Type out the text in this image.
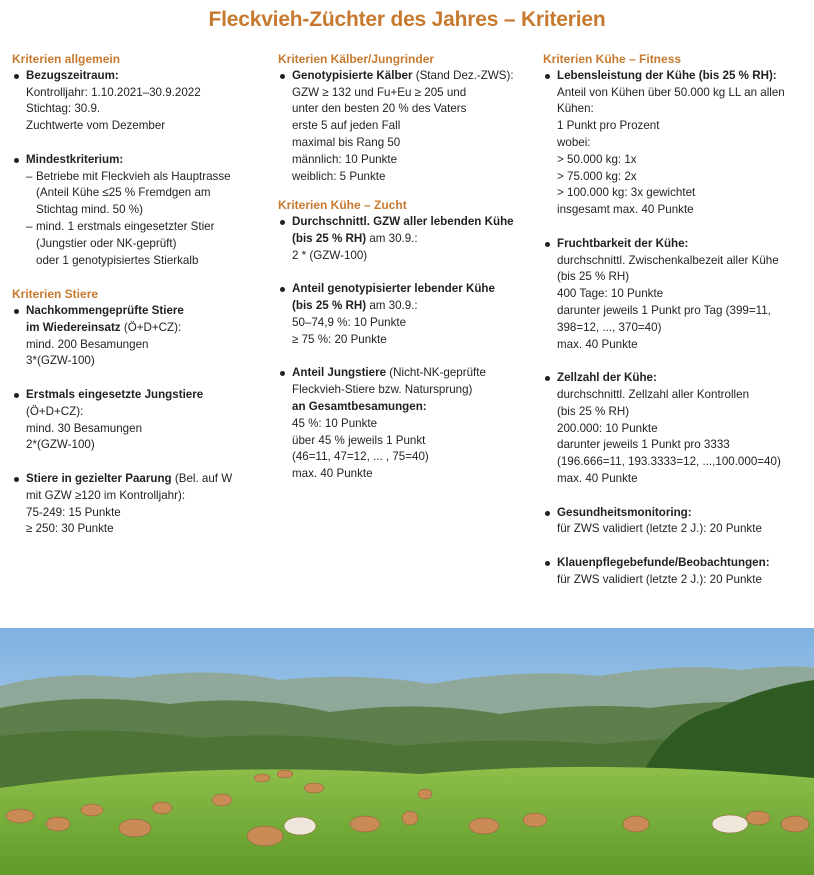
Fleckvieh-Züchter des Jahres – Kriterien
Kriterien allgemein
Bezugszeitraum:
Kontrolljahr: 1.10.2021–30.9.2022
Stichtag: 30.9.
Zuchtwerte vom Dezember
Mindestkriterium:
– Betriebe mit Fleckvieh als Hauptrasse
(Anteil Kühe ≤25 % Fremdgen am
Stichtag mind. 50 %)
– mind. 1 erstmals eingesetzter Stier
(Jungstier oder NK-geprüft)
oder 1 genotypisiertes Stierkalb
Kriterien Stiere
Nachkommengeprüfte Stiere
im Wiedereinsatz (Ö+D+CZ):
mind. 200 Besamungen
3*(GZW-100)
Erstmals eingesetzte Jungstiere (Ö+D+CZ):
mind. 30 Besamungen
2*(GZW-100)
Stiere in gezielter Paarung (Bel. auf W
mit GZW ≥120 im Kontrolljahr):
75-249: 15 Punkte
≥ 250: 30 Punkte
Kriterien Kälber/Jungrinder
Genotypisierte Kälber (Stand Dez.-ZWS):
GZW ≥ 132 und Fu+Eu ≥ 205 und
unter den besten 20 % des Vaters
erste 5 auf jeden Fall
maximal bis Rang 50
männlich: 10 Punkte
weiblich: 5 Punkte
Kriterien Kühe – Zucht
Durchschnittl. GZW aller lebenden Kühe
(bis 25 % RH) am 30.9.:
2 * (GZW-100)
Anteil genotypisierter lebender Kühe
(bis 25 % RH) am 30.9.:
50–74,9 %: 10 Punkte
≥ 75 %: 20 Punkte
Anteil Jungstiere (Nicht-NK-geprüfte
Fleckvieh-Stiere bzw. Natursprung)
an Gesamtbesamungen:
45 %: 10 Punkte
über 45 % jeweils 1 Punkt
(46=11, 47=12, ... , 75=40)
max. 40 Punkte
Kriterien Kühe – Fitness
Lebensleistung der Kühe (bis 25 % RH):
Anteil von Kühen über 50.000 kg LL an allen
Kühen:
1 Punkt pro Prozent
wobei:
> 50.000 kg: 1x
> 75.000 kg: 2x
> 100.000 kg: 3x gewichtet
insgesamt max. 40 Punkte
Fruchtbarkeit der Kühe:
durchschnittl. Zwischenkalbezeit aller Kühe
(bis 25 % RH)
400 Tage: 10 Punkte
darunter jeweils 1 Punkt pro Tag (399=11,
398=12, ..., 370=40)
max. 40 Punkte
Zellzahl der Kühe:
durchschnittl. Zellzahl aller Kontrollen
(bis 25 % RH)
200.000: 10 Punkte
darunter jeweils 1 Punkt pro 3333
(196.666=11, 193.3333=12, ...,100.000=40)
max. 40 Punkte
Gesundheitsmonitoring:
für ZWS validiert (letzte 2 J.): 20 Punkte
Klauenpflegebefunde/Beobachtungen:
für ZWS validiert (letzte 2 J.): 20 Punkte
